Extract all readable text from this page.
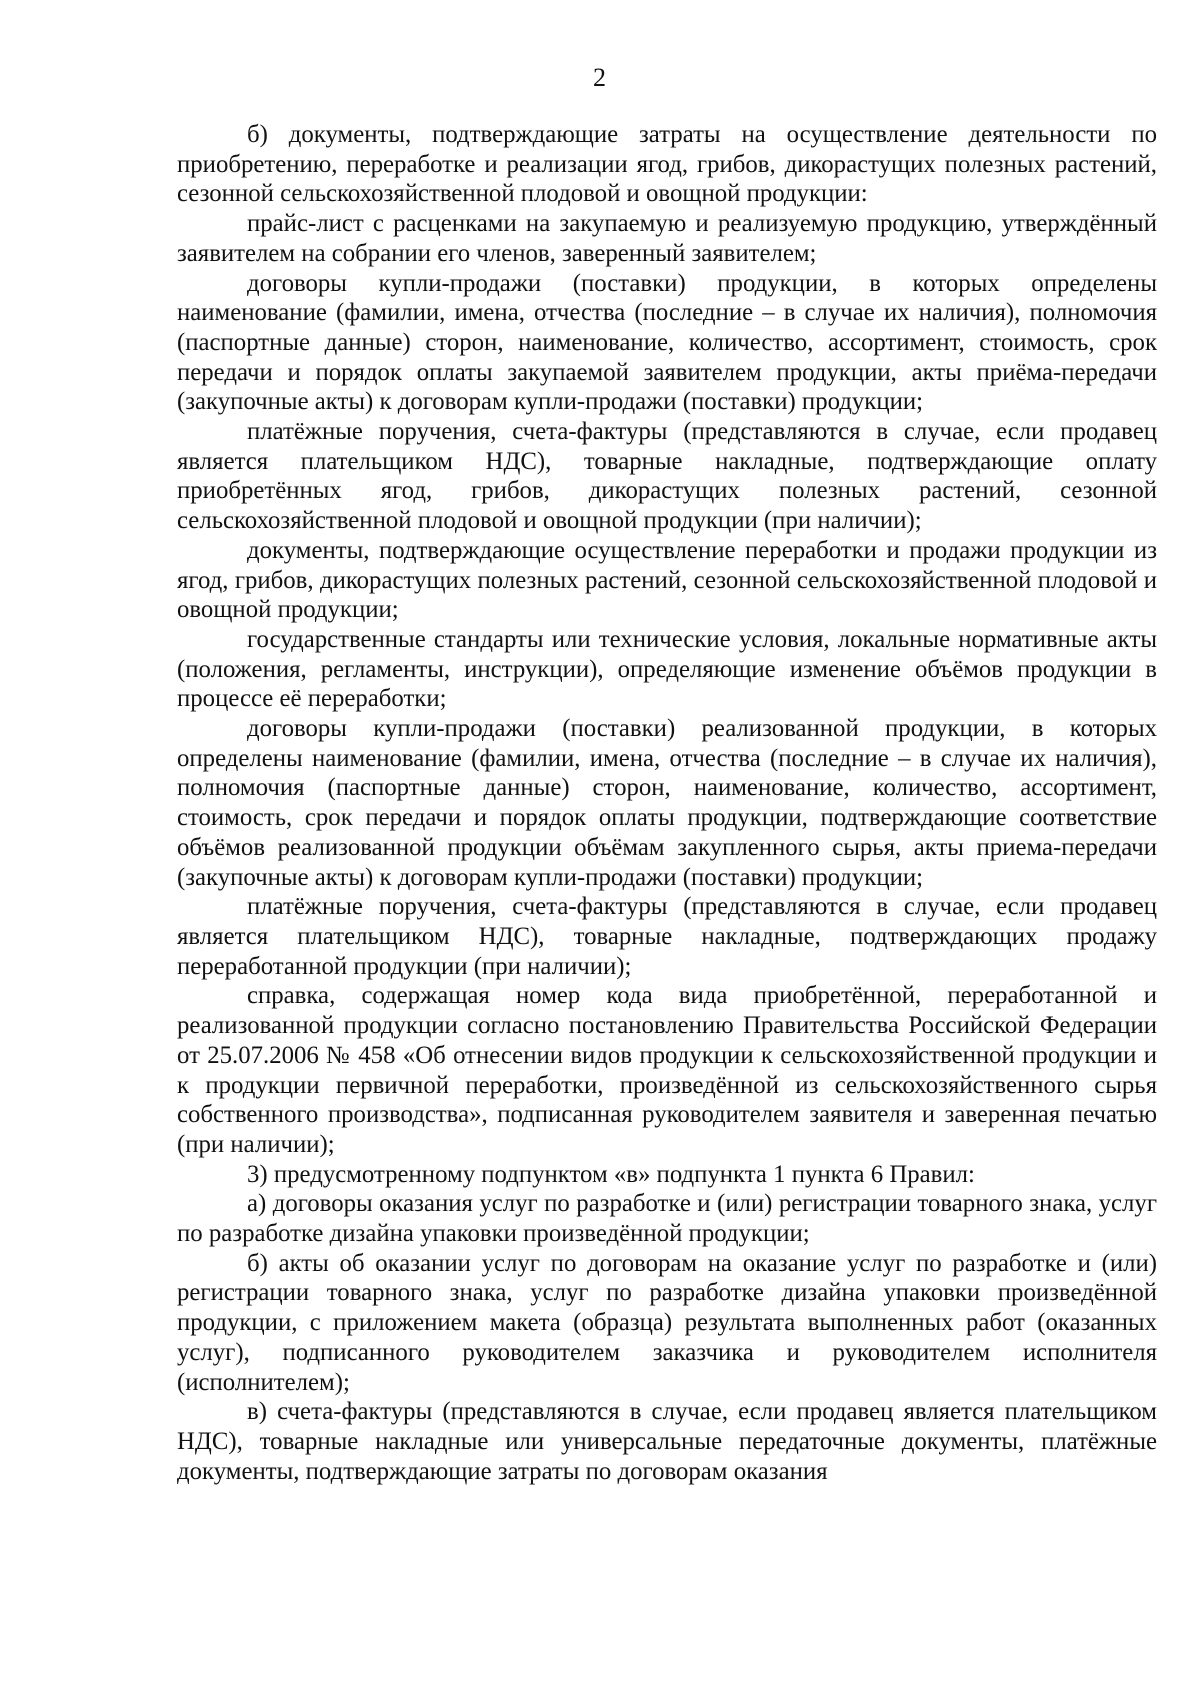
2

б) документы, подтверждающие затраты на осуществление деятельности по приобретению, переработке и реализации ягод, грибов, дикорастущих полезных растений, сезонной сельскохозяйственной плодовой и овощной продукции:

прайс-лист с расценками на закупаемую и реализуемую продукцию, утверждённый заявителем на собрании его членов, заверенный заявителем;

договоры купли-продажи (поставки) продукции, в которых определены наименование (фамилии, имена, отчества (последние – в случае их наличия), полномочия (паспортные данные) сторон, наименование, количество, ассортимент, стоимость, срок передачи и порядок оплаты закупаемой заявителем продукции, акты приёма-передачи (закупочные акты) к договорам купли-продажи (поставки) продукции;

платёжные поручения, счета-фактуры (представляются в случае, если продавец является плательщиком НДС), товарные накладные, подтверждающие оплату приобретённых ягод, грибов, дикорастущих полезных растений, сезонной сельскохозяйственной плодовой и овощной продукции (при наличии);

документы, подтверждающие осуществление переработки и продажи продукции из ягод, грибов, дикорастущих полезных растений, сезонной сельскохозяйственной плодовой и овощной продукции;

государственные стандарты или технические условия, локальные нормативные акты (положения, регламенты, инструкции), определяющие изменение объёмов продукции в процессе её переработки;

договоры купли-продажи (поставки) реализованной продукции, в которых определены наименование (фамилии, имена, отчества (последние – в случае их наличия), полномочия (паспортные данные) сторон, наименование, количество, ассортимент, стоимость, срок передачи и порядок оплаты продукции, подтверждающие соответствие объёмов реализованной продукции объёмам закупленного сырья, акты приема-передачи (закупочные акты) к договорам купли-продажи (поставки) продукции;

платёжные поручения, счета-фактуры (представляются в случае, если продавец является плательщиком НДС), товарные накладные, подтверждающих продажу переработанной продукции (при наличии);

справка, содержащая номер кода вида приобретённой, переработанной и реализованной продукции согласно постановлению Правительства Российской Федерации от 25.07.2006 № 458 «Об отнесении видов продукции к сельскохозяйственной продукции и к продукции первичной переработки, произведённой из сельскохозяйственного сырья собственного производства», подписанная руководителем заявителя и заверенная печатью (при наличии);

3) предусмотренному подпунктом «в» подпункта 1 пункта 6 Правил:

а) договоры оказания услуг по разработке и (или) регистрации товарного знака, услуг по разработке дизайна упаковки произведённой продукции;

б) акты об оказании услуг по договорам на оказание услуг по разработке и (или) регистрации товарного знака, услуг по разработке дизайна упаковки произведённой продукции, с приложением макета (образца) результата выполненных работ (оказанных услуг), подписанного руководителем заказчика и руководителем исполнителя (исполнителем);

в) счета-фактуры (представляются в случае, если продавец является плательщиком НДС), товарные накладные или универсальные передаточные документы, платёжные документы, подтверждающие затраты по договорам оказания
